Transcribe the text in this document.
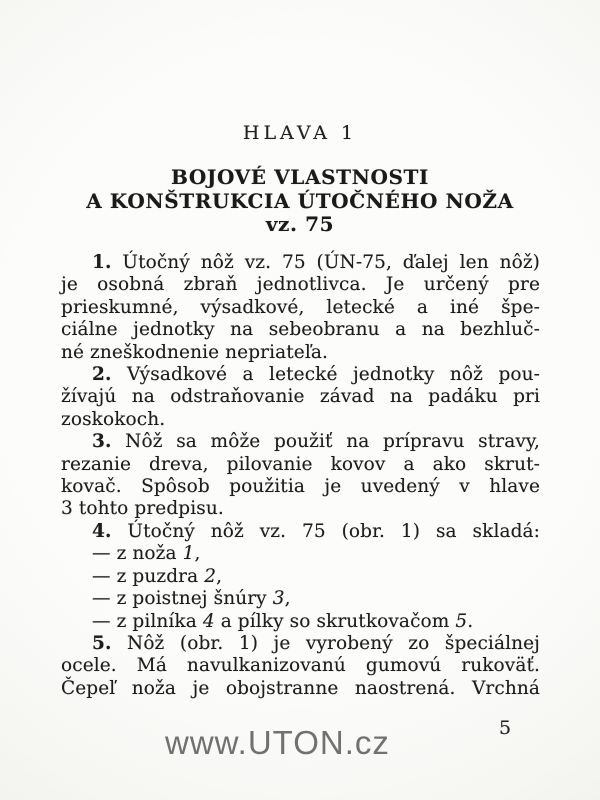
HLAVA 1
BOJOVÉ VLASTNOSTI
A KONŠTRUKCIA ÚTOČNÉHO NOŽA
vz. 75
1. Útočný nôž vz. 75 (ÚN-75, ďalej len nôž)
je osobná zbraň jednotlivca. Je určený pre
prieskumné, výsadkové, letecké a iné špe-
ciálne jednotky na sebeobranu a na bezhluč-
né zneškodnenie nepriateľa.
2. Výsadkové a letecké jednotky nôž pou-
žívajú na odstraňovanie závad na padáku pri
zoskokoch.
3. Nôž sa môže použiť na prípravu stravy,
rezanie dreva, pilovanie kovov a ako skrut-
kovač. Spôsob použitia je uvedený v hlave
3 tohto predpisu.
4. Útočný nôž vz. 75 (obr. 1) sa skladá:
— z noža 1,
— z puzdra 2,
— z poistnej šnúry 3,
— z pilníka 4 a pílky so skrutkovačom 5.
5. Nôž (obr. 1) je vyrobený zo špeciálnej
ocele. Má navulkanizovanú gumovú rukoväť.
Čepeľ noža je obojstranne naostrená. Vrchná
5
www.UTON.cz
